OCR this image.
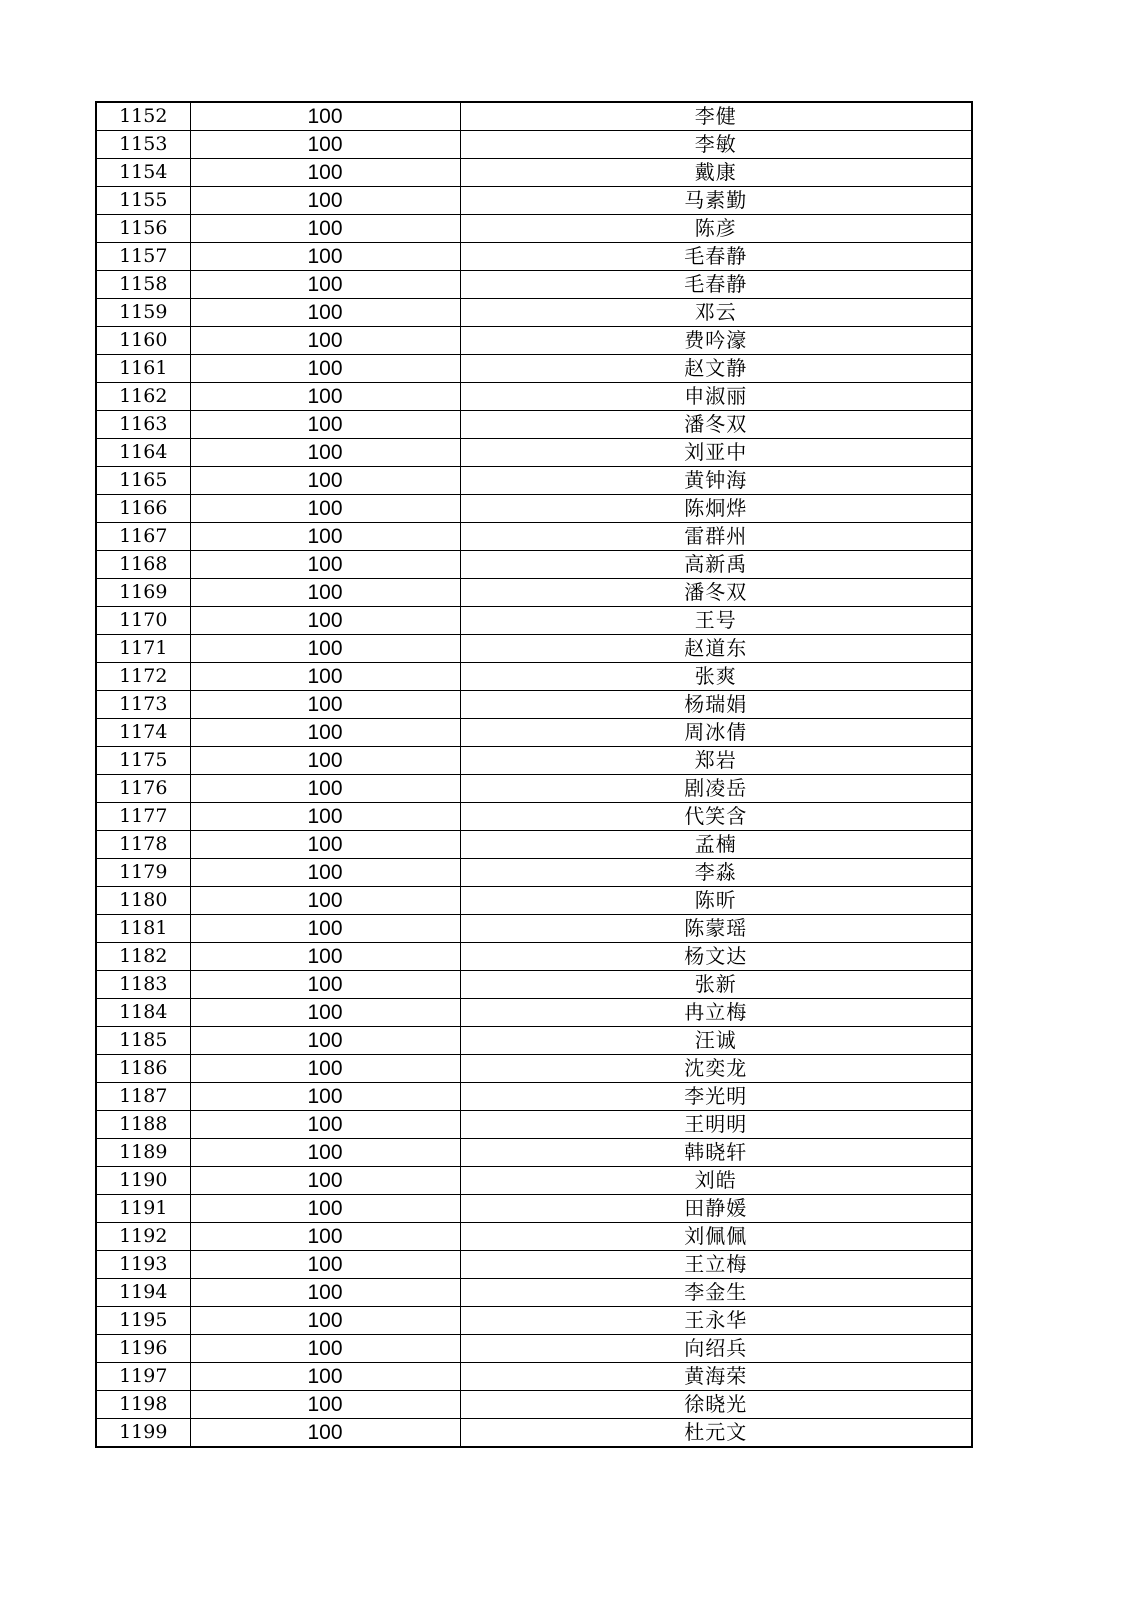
1152	100	李健
1153	100	李敏
1154	100	戴康
1155	100	马素勤
1156	100	陈彦
1157	100	毛春静
1158	100	毛春静
1159	100	邓云
1160	100	费吟濠
1161	100	赵文静
1162	100	申淑丽
1163	100	潘冬双
1164	100	刘亚中
1165	100	黄钟海
1166	100	陈炯烨
1167	100	雷群州
1168	100	高新禹
1169	100	潘冬双
1170	100	王号
1171	100	赵道东
1172	100	张爽
1173	100	杨瑞娟
1174	100	周冰倩
1175	100	郑岩
1176	100	剧凌岳
1177	100	代笑含
1178	100	孟楠
1179	100	李淼
1180	100	陈昕
1181	100	陈蒙瑶
1182	100	杨文达
1183	100	张新
1184	100	冉立梅
1185	100	汪诚
1186	100	沈奕龙
1187	100	李光明
1188	100	王明明
1189	100	韩晓轩
1190	100	刘皓
1191	100	田静媛
1192	100	刘佩佩
1193	100	王立梅
1194	100	李金生
1195	100	王永华
1196	100	向绍兵
1197	100	黄海荣
1198	100	徐晓光
1199	100	杜元文
